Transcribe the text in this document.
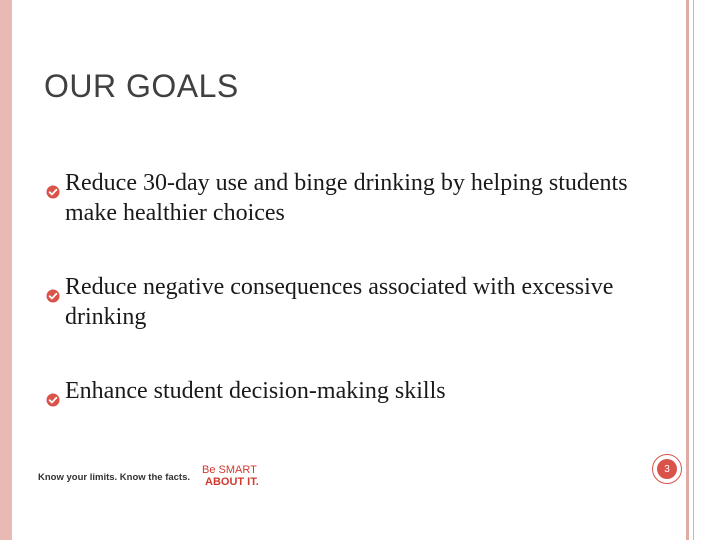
OUR GOALS
Reduce 30-day use and binge drinking by helping students make healthier choices
Reduce negative consequences associated with excessive drinking
Enhance student decision-making skills
Know your limits. Know the facts.
Be SMART
ABOUT IT.
3
